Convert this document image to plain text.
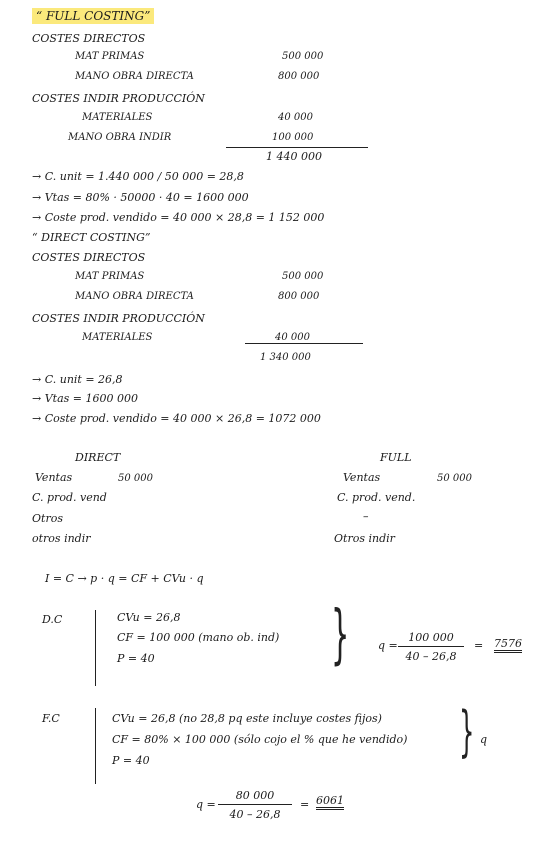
“ FULL COSTING”
COSTES DIRECTOS
MAT PRIMAS	500 000
MANO OBRA DIRECTA	800 000
COSTES INDIR PRODUCCIÓN
MATERIALES	40 000
MANO OBRA INDIR	100 000
1 440 000
→ C. unit = 1.440 000 / 50 000 = 28,8
→ Vtas = 80% · 50000 · 40 = 1600 000
→ Coste prod. vendido = 40 000 × 28,8 = 1 152 000
“ DIRECT COSTING”
COSTES DIRECTOS
MAT PRIMAS	500 000
MANO OBRA DIRECTA	800 000
COSTES INDIR PRODUCCIÓN
MATERIALES	40 000
1 340 000
→ C. unit = 26,8
→ Vtas = 1600 000
→ Coste prod. vendido = 40 000 × 26,8 = 1072 000
DIRECT	FULL
Ventas	50 000	Ventas	50 000
C. prod. vend	C. prod. vend.
Otros	–
otros indir	Otros indir
I = C → p · q = CF + CVu · q
D.C	CVu = 26,8
CF = 100 000 (mano ob. ind)
P = 40	}	$q = \frac{100 000}{40 - 26,8} = 7576$
F.C	CVu = 26,8 (no 28,8 pq este incluye costes fijos)
CF = 80% × 100 000 (sólo cojo el % que he vendido)
P = 40	} q
$q = \frac{80 000}{40 - 26,8} = 6061$
